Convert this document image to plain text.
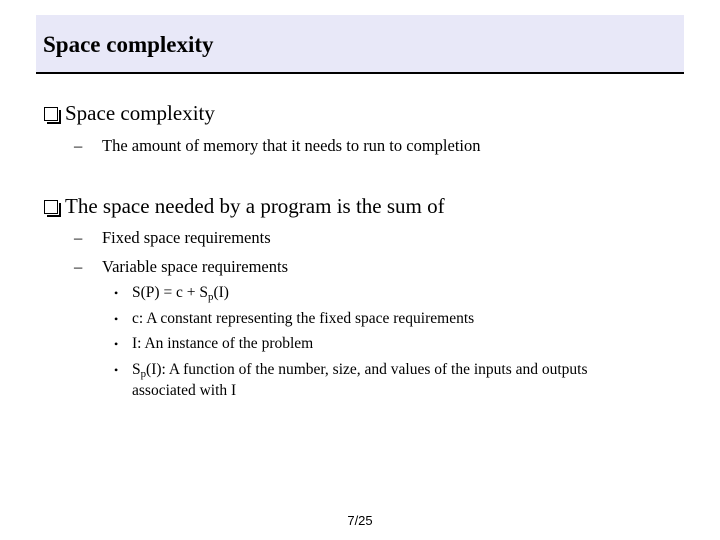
Space complexity
Space complexity
– The amount of memory that it needs to run to completion
The space needed by a program is the sum of
– Fixed space requirements
– Variable space requirements
• $S(P) = c + S_p(I)$
• c: A constant representing the fixed space requirements
• I: An instance of the problem
• $S_p(I)$: A function of the number, size, and values of the inputs and outputs
associated with I
7/25
